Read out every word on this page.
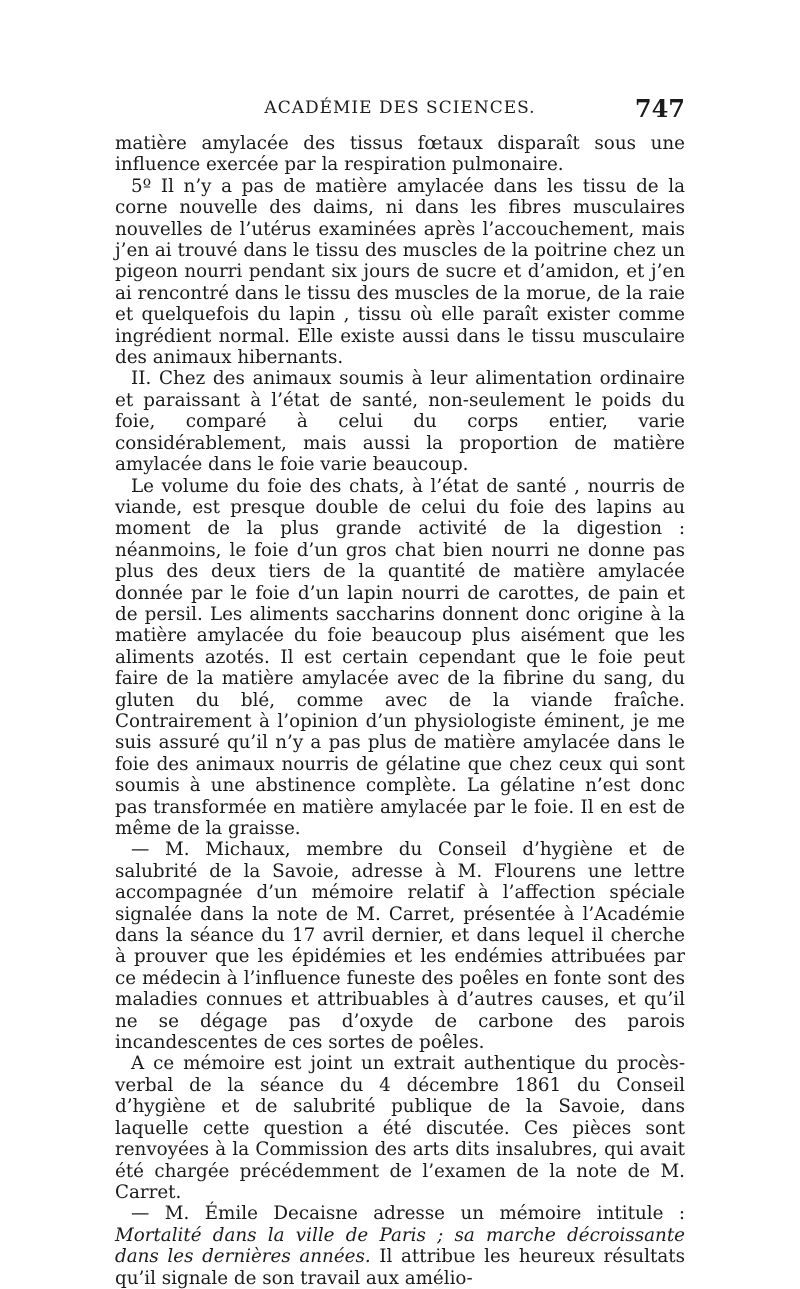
ACADÉMIE DES SCIENCES.	747

matière amylacée des tissus fœtaux disparaît sous une influence exercée par la respiration pulmonaire.

5º Il n’y a pas de matière amylacée dans les tissu de la corne nouvelle des daims, ni dans les fibres musculaires nouvelles de l’utérus examinées après l’accouchement, mais j’en ai trouvé dans le tissu des muscles de la poitrine chez un pigeon nourri pendant six jours de sucre et d’amidon, et j’en ai rencontré dans le tissu des muscles de la morue, de la raie et quelquefois du lapin , tissu où elle paraît exister comme ingrédient normal. Elle existe aussi dans le tissu musculaire des animaux hibernants.

II. Chez des animaux soumis à leur alimentation ordinaire et paraissant à l’état de santé, non-seulement le poids du foie, comparé à celui du corps entier, varie considérablement, mais aussi la proportion de matière amylacée dans le foie varie beaucoup.

Le volume du foie des chats, à l’état de santé , nourris de viande, est presque double de celui du foie des lapins au moment de la plus grande activité de la digestion : néanmoins, le foie d’un gros chat bien nourri ne donne pas plus des deux tiers de la quantité de matière amylacée donnée par le foie d’un lapin nourri de carottes, de pain et de persil. Les aliments saccharins donnent donc origine à la matière amylacée du foie beaucoup plus aisément que les aliments azotés. Il est certain cependant que le foie peut faire de la matière amylacée avec de la fibrine du sang, du gluten du blé, comme avec de la viande fraîche. Contrairement à l’opinion d’un physiologiste éminent, je me suis assuré qu’il n’y a pas plus de matière amylacée dans le foie des animaux nourris de gélatine que chez ceux qui sont soumis à une abstinence complète. La gélatine n’est donc pas transformée en matière amylacée par le foie. Il en est de même de la graisse.

— M. Michaux, membre du Conseil d’hygiène et de salubrité de la Savoie, adresse à M. Flourens une lettre accompagnée d’un mémoire relatif à l’affection spéciale signalée dans la note de M. Carret, présentée à l’Académie dans la séance du 17 avril dernier, et dans lequel il cherche à prouver que les épidémies et les endémies attribuées par ce médecin à l’influence funeste des poêles en fonte sont des maladies connues et attribuables à d’autres causes, et qu’il ne se dégage pas d’oxyde de carbone des parois incandescentes de ces sortes de poêles.

A ce mémoire est joint un extrait authentique du procès-verbal de la séance du 4 décembre 1861 du Conseil d’hygiène et de salubrité publique de la Savoie, dans laquelle cette question a été discutée. Ces pièces sont renvoyées à la Commission des arts dits insalubres, qui avait été chargée précédemment de l’examen de la note de M. Carret.

— M. Émile Decaisne adresse un mémoire intitule : Mortalité dans la ville de Paris ; sa marche décroissante dans les dernières années. Il attribue les heureux résultats qu’il signale de son travail aux amélio-
